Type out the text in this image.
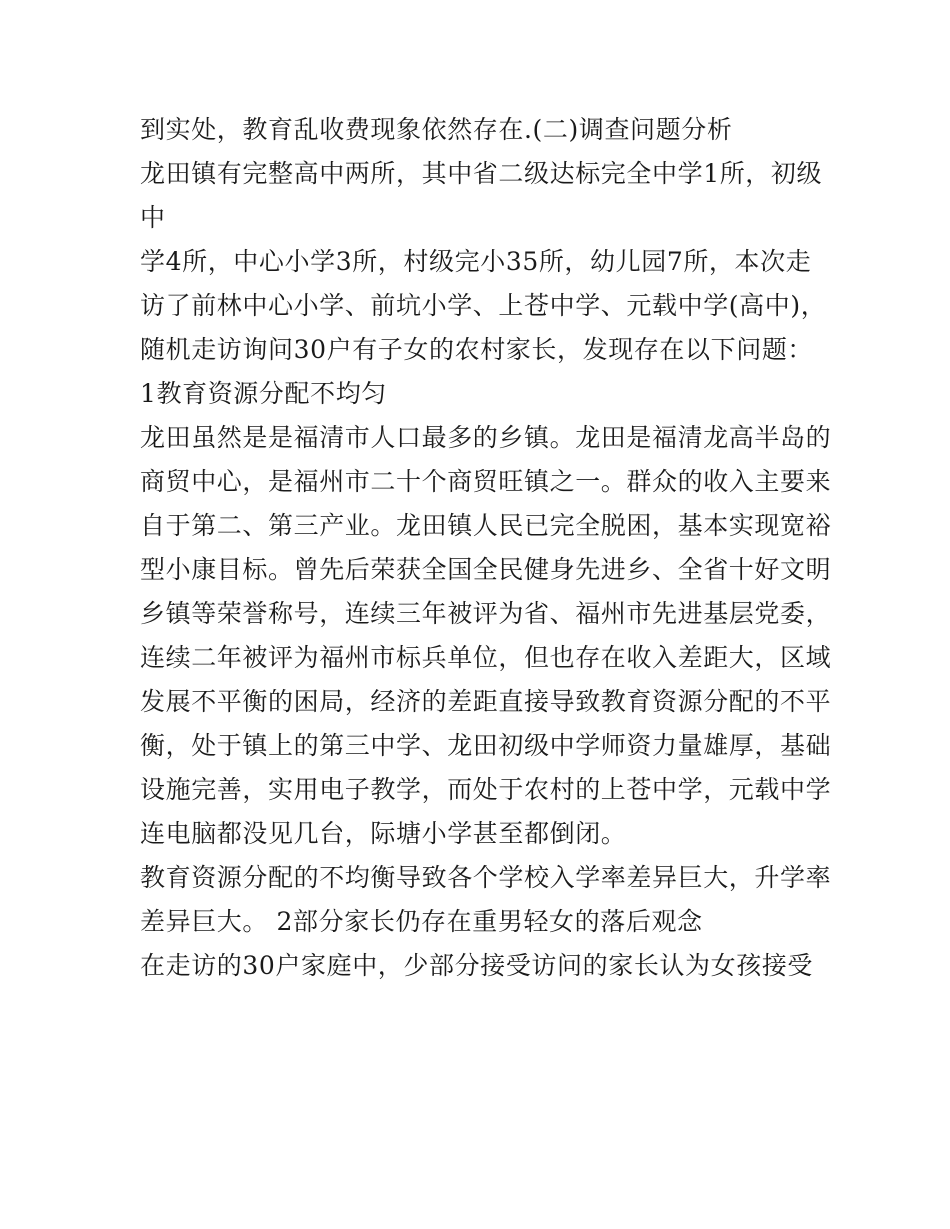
到实处，教育乱收费现象依然存在.(二)调查问题分析
龙田镇有完整高中两所，其中省二级达标完全中学1所，初级
中
学4所，中心小学3所，村级完小35所，幼儿园7所，本次走
访了前林中心小学、前坑小学、上苍中学、元载中学(高中)，
随机走访询问30户有子女的农村家长，发现存在以下问题：
1教育资源分配不均匀
龙田虽然是是福清市人口最多的乡镇。龙田是福清龙高半岛的
商贸中心，是福州市二十个商贸旺镇之一。群众的收入主要来
自于第二、第三产业。龙田镇人民已完全脱困，基本实现宽裕
型小康目标。曾先后荣获全国全民健身先进乡、全省十好文明
乡镇等荣誉称号，连续三年被评为省、福州市先进基层党委，
连续二年被评为福州市标兵单位，但也存在收入差距大，区域
发展不平衡的困局，经济的差距直接导致教育资源分配的不平
衡，处于镇上的第三中学、龙田初级中学师资力量雄厚，基础
设施完善，实用电子教学，而处于农村的上苍中学，元载中学
连电脑都没见几台，际塘小学甚至都倒闭。
教育资源分配的不均衡导致各个学校入学率差异巨大，升学率
差异巨大。 2部分家长仍存在重男轻女的落后观念
在走访的30户家庭中，少部分接受访问的家长认为女孩接受
